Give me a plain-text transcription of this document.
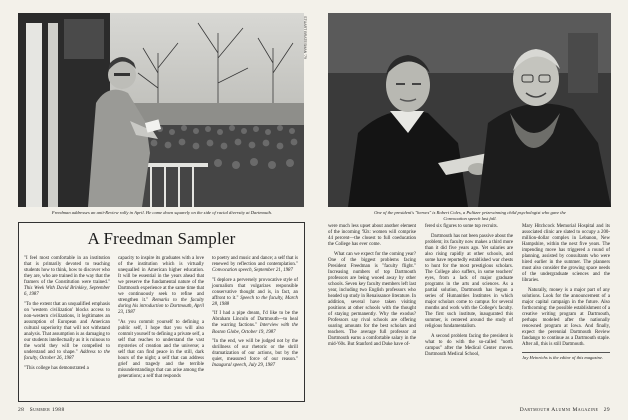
STUART BRATESMAN '79
Freedman addresses an anti-Review rally in April. He came down squarely on the side of racial diversity at Dartmouth.	One of the president's "heroes" is Robert Coles, a Pulitzer prizewinning child psychologist who gave the Convocation speech last fall.
A Freedman Sampler

"I feel most comfortable in an institution that is primarily devoted to teaching students how to think, how to discover who they are, who are trained in the way that the framers of the Constitution were trained." This Week With David Brinkley, September 6, 1987

"To the extent that an unqualified emphasis on 'western civilization' blocks access to non-western civilizations, it legitimates an assumption of European and American cultural superiority that will not withstand analysis. That assumption is as damaging to our students intellectually as it is ruinous to the world they will be compelled to understand and to shape." Address to the faculty, October 26, 1987

"This college has demonstrated a

capacity to inspire its graduates with a love of the institution which is virtually unequalled in American higher education. It will be essential in the years ahead that we preserve the fundamental nature of the Dartmouth experience at the same time that we continuously seek to refine and strengthen it." Remarks to the faculty during his introduction to Dartmouth, April 23, 1987

"As you commit yourself to defining a public self, I hope that you will also commit yourself to defining a private self, a self that reaches to understand the vast mysteries of creation and the universe; a self that can find peace in the still, dark hours of the night; a self that can address grief and tragedy and the terrible misunderstandings that can arise among the generations; a self that responds

to poetry and music and dance; a self that is renewed by reflection and contemplation." Convocation speech, September 21, 1987

"I deplore a perversely provocative style of journalism that vulgarizes responsible conservative thought and is, in fact, an affront to it." Speech to the faculty, March 28, 1988

"If I had a pipe dream, I'd like to be the Abraham Lincoln of Dartmouth—to heal the warring factions." Interview with the Boston Globe, October 19, 1987

"In the end, we will be judged not by the shrillness of our rhetoric or the shrill dramatization of our actions, but by the quiet, measured force of our reason." Inaugural speech, July 29, 1987

were much less upset about another element of the incoming '92s: women will comprise 44 percent—the closest to full coeducation the College has ever come.

What can we expect for the coming year? One of the biggest problems facing President Freedman is "faculty flight." Increasing numbers of top Dartmouth professors are being wooed away by other schools. Seven key faculty members left last year, including two English professors who headed up study in Renaissance literature. In addition, several have taken visiting positions at other schools with the thought of staying permanently. Why the exodus? Professors say rival schools are offering soaring amounts for the best scholars and teachers. The average full professor at Dartmouth earns a comfortable salary in the mid-'60s. But Stanford and Duke have of-

fered six figures to some top recruits.

Dartmouth has not been passive about the problem; its faculty now makes a third more than it did five years ago. Yet salaries are also rising rapidly at other schools, and some have reportedly established war chests to hunt for the most prestigious scholars. The College also suffers, in some teachers' eyes, from a lack of major graduate programs in the arts and sciences. As a partial solution, Dartmouth has begun a series of Humanities Institutes in which major scholars come to campus for several months and work with the College's faculty. The first such institute, inaugurated this summer, is centered around the study of religious fundamentalism.

A second problem facing the president is what to do with the so-called "north campus" after the Medical Center moves. Dartmouth Medical School,

Mary Hitchcock Memorial Hospital and its associated clinic are slated to occupy a 200-million-dollar complex in Lebanon, New Hampshire, within the next five years. The impending move has triggered a round of planning, assisted by consultants who were hired earlier in the summer. The planners must also consider the growing space needs of the undergraduate sciences and the libraries.

Naturally, money is a major part of any solutions. Look for the announcement of a major capital campaign in the future. Also forthcoming: the possible establishment of a creative writing program at Dartmouth, perhaps modeled after the nationally renowned program at Iowa. And finally, expect the perennial Dartmouth Review fandango to continue as a Dartmouth staple. After all, this is still Dartmouth.

Jay Heinrichs is the editor of this magazine.

28 Summer 1988	Dartmouth Alumni Magazine 29
